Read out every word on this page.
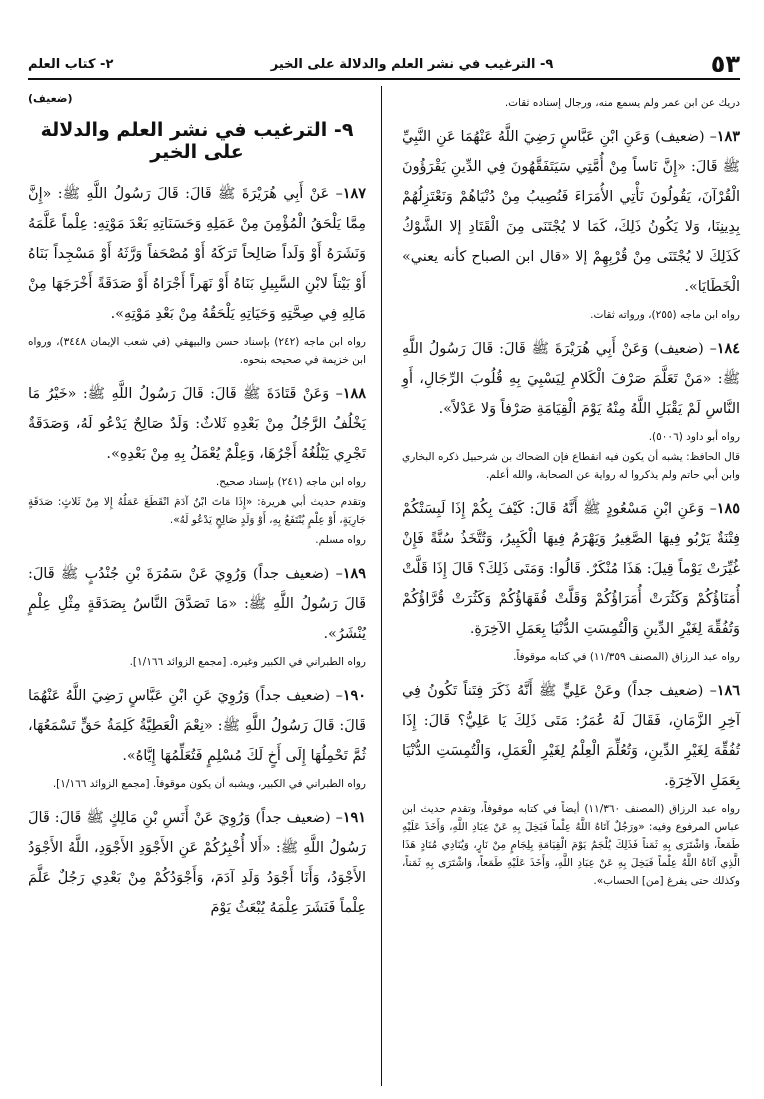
٥٣
٩- الترغيب في نشر العلم والدلالة على الخير
٢- كتاب العلم

دريك عن ابن عمر ولم يسمع منه، ورجال إسناده ثقات.

١٨٣– (ضعيف) وَعَنِ ابْنِ عَبَّاسٍ رَضِيَ اللَّهُ عَنْهُمَا عَنِ النَّبِيِّ ﷺ قَالَ: «إِنَّ نَاساً مِنْ أُمَّتِي سَيَتَفَقَّهُونَ فِي الدِّينِ يَقْرَؤُونَ الْقُرْآنَ، يَقُولُونَ نَأْتِي الأُمَرَاءَ فَنُصِيبُ مِنْ دُنْيَاهُمْ وَنَعْتَزِلُهُمْ بِدِينِنَا، وَلا يَكُونُ ذَلِكَ، كَمَا لا يُجْتَنَى مِنَ الْقَتَادِ إلا الشَّوْكُ كَذَلِكَ لا يُجْتَنَى مِنْ قُرْبِهِمْ إلا «قال ابن الصباح كأنه يعني» الْخَطَايَا».

رواه ابن ماجه (٢٥٥)، ورواته ثقات.

١٨٤– (ضعيف) وَعَنْ أَبِي هُرَيْرَةَ ﷺ قَالَ: قَالَ رَسُولُ اللَّهِ ﷺ: «مَنْ تَعَلَّمَ صَرْفَ الْكَلامِ لِيَسْبِيَ بِهِ قُلُوبَ الرِّجَالِ، أَوِ النَّاسِ لَمْ يَقْبَلِ اللَّهُ مِنْهُ يَوْمَ الْقِيَامَةِ صَرْفاً وَلا عَدْلاً».

رواه أبو داود (٥٠٠٦).

قال الحافظ: يشبه أن يكون فيه انقطاع فإن الضحاك بن شرحبيل ذكره البخاري وابن أبي حاتم ولم يذكروا له رواية عن الصحابة، والله أعلم.

١٨٥– وَعَنِ ابْنِ مَسْعُودٍ ﷺ أَنَّهُ قَالَ: كَيْفَ بِكُمْ إِذَا لَبِسَتْكُمْ فِتْنَةٌ يَرْبُو فِيهَا الصَّغِيرُ وَيَهْرَمُ فِيهَا الْكَبِيرُ، وَتُتَّخَذُ سُنَّةً فَإِنْ غُيِّرَتْ يَوْماً قِيلَ: هَذَا مُنْكَرٌ. قَالُوا: وَمَتَى ذَلِكَ؟ قَالَ إِذَا قَلَّتْ أُمَنَاؤُكُمْ وَكَثُرَتْ أُمَرَاؤُكُمْ وَقَلَّتْ فُقَهَاؤُكُمْ وَكَثُرَتْ قُرَّاؤُكُمْ وَتُفُقِّهَ لِغَيْرِ الدِّينِ وَالْتُمِسَتِ الدُّنْيَا بِعَمَلِ الآخِرَةِ.

رواه عبد الرزاق (المصنف ١١/٣٥٩) في كتابه موقوفاً.

١٨٦– (ضعيف جداً) وعَنْ عَلِيٍّ ﷺ أَنَّهُ ذَكَرَ فِتَناً تَكُونُ فِي آخِرِ الزَّمَانِ، فَقَالَ لَهُ عُمَرُ: مَتَى ذَلِكَ يَا عَلِيُّ؟ قَالَ: إِذَا تُفُقِّهَ لِغَيْرِ الدِّينِ، وَتُعُلِّمَ الْعِلْمُ لِغَيْرِ الْعَمَلِ، وَالْتُمِسَتِ الدُّنْيَا بِعَمَلِ الآخِرَةِ.

رواه عبد الرزاق (المصنف ١١/٣٦٠) أيضاً في كتابه موقوفاً، وتقدم حديث ابن عباس المرفوع وفيه: «ورَجُلٌ آتَاهُ اللَّهُ عِلْماً فَبَخِلَ بِهِ عَنْ عِبَادِ اللَّهِ، وَأَخَذَ عَلَيْهِ طَمَعاً، وَاشْتَرَى بِهِ ثَمَناً فَذَلِكَ يُلْجَمُ يَوْمَ الْقِيَامَةِ بِلِجَامٍ مِنْ نَارٍ، وَيُنَادِي مُنَادٍ هَذَا الَّذِي آتَاهُ اللَّهُ عِلْماً فَبَخِلَ بِهِ عَنْ عِبَادِ اللَّهِ، وَأَخَذَ عَلَيْهِ طَمَعاً، وَاشْتَرَى بِهِ ثَمَناً، وكذلك حتى يفرغ [من] الحساب».

(ضعيف)

٩- الترغيب في نشر العلم والدلالة على الخير

١٨٧– عَنْ أَبِي هُرَيْرَةَ ﷺ قَالَ: قَالَ رَسُولُ اللَّهِ ﷺ: «إِنَّ مِمَّا يَلْحَقُ الْمُؤْمِنَ مِنْ عَمَلِهِ وَحَسَنَاتِهِ بَعْدَ مَوْتِهِ: عِلْماً عَلَّمَهُ وَنَشَرَهُ أَوْ وَلَداً صَالِحاً تَرَكَهُ أَوْ مُصْحَفاً وَرَّثَهُ أَوْ مَسْجِداً بَنَاهُ أَوْ بَيْتاً لابْنِ السَّبِيلِ بَنَاهُ أَوْ نَهَراً أَجْرَاهُ أَوْ صَدَقَةً أَخْرَجَهَا مِنْ مَالِهِ فِي صِحَّتِهِ وَحَيَاتِهِ يَلْحَقُهُ مِنْ بَعْدِ مَوْتِهِ».

رواه ابن ماجه (٢٤٢) بإسناد حسن والبيهقي (في شعب الإيمان ٣٤٤٨)، ورواه ابن خزيمة في صحيحه بنحوه.

١٨٨– وَعَنْ قَتَادَةَ ﷺ قَالَ: قَالَ رَسُولُ اللَّهِ ﷺ: «خَيْرُ مَا يَخْلُفُ الرَّجُلُ مِنْ بَعْدِهِ ثَلاثٌ: وَلَدٌ صَالِحٌ يَدْعُو لَهُ، وَصَدَقَةٌ تَجْرِي يَبْلُغُهُ أَجْرُهَا، وَعِلْمٌ يُعْمَلُ بِهِ مِنْ بَعْدِهِ».

رواه ابن ماجه (٢٤١) بإسناد صحيح.

وتقدم حديث أبي هريرة: «إِذَا مَاتَ ابْنُ آدَمَ انْقَطَعَ عَمَلُهُ إِلا مِنْ ثَلاثٍ: صَدَقَةٍ جَارِيَةٍ، أَوْ عِلْمٍ يُنْتَفَعُ بِهِ، أَوْ وَلَدٍ صَالِحٍ يَدْعُو لَهُ».

رواه مسلم.

١٨٩– (ضعيف جداً) وَرُوِيَ عَنْ سَمُرَةَ بْنِ جُنْدُبٍ ﷺ قَالَ: قَالَ رَسُولُ اللَّهِ ﷺ: «مَا تَصَدَّقَ النَّاسُ بِصَدَقَةٍ مِثْلِ عِلْمٍ يُنْشَرُ».

رواه الطبراني في الكبير وغيره. [مجمع الزوائد ١/١٦٦].

١٩٠– (ضعيف جداً) وَرُوِيَ عَنِ ابْنِ عَبَّاسٍ رَضِيَ اللَّهُ عَنْهُمَا قَالَ: قَالَ رَسُولُ اللَّهِ ﷺ: «نِعْمَ الْعَطِيَّةُ كَلِمَةُ حَقٍّ تَسْمَعُهَا، ثُمَّ تَحْمِلُهَا إِلَى أَخٍ لَكَ مُسْلِمٍ فَتُعَلِّمُهَا إِيَّاهُ».

رواه الطبراني في الكبير، ويشبه أن يكون موقوفاً. [مجمع الزوائد ١/١٦٦].

١٩١– (ضعيف جداً) وَرُوِيَ عَنْ أَنَسِ بْنِ مَالِكٍ ﷺ قَالَ: قَالَ رَسُولُ اللَّهِ ﷺ: «أَلا أُخْبِرُكُمْ عَنِ الأَجْوَدِ الأَجْوَدِ، اللَّهُ الأَجْوَدُ الأَجْوَدُ، وَأَنَا أَجْوَدُ وَلَدِ آدَمَ، وَأَجْوَدُكُمْ مِنْ بَعْدِي رَجُلٌ عَلَّمَ عِلْماً فَنَشَرَ عِلْمَهُ يُبْعَثُ يَوْمَ
